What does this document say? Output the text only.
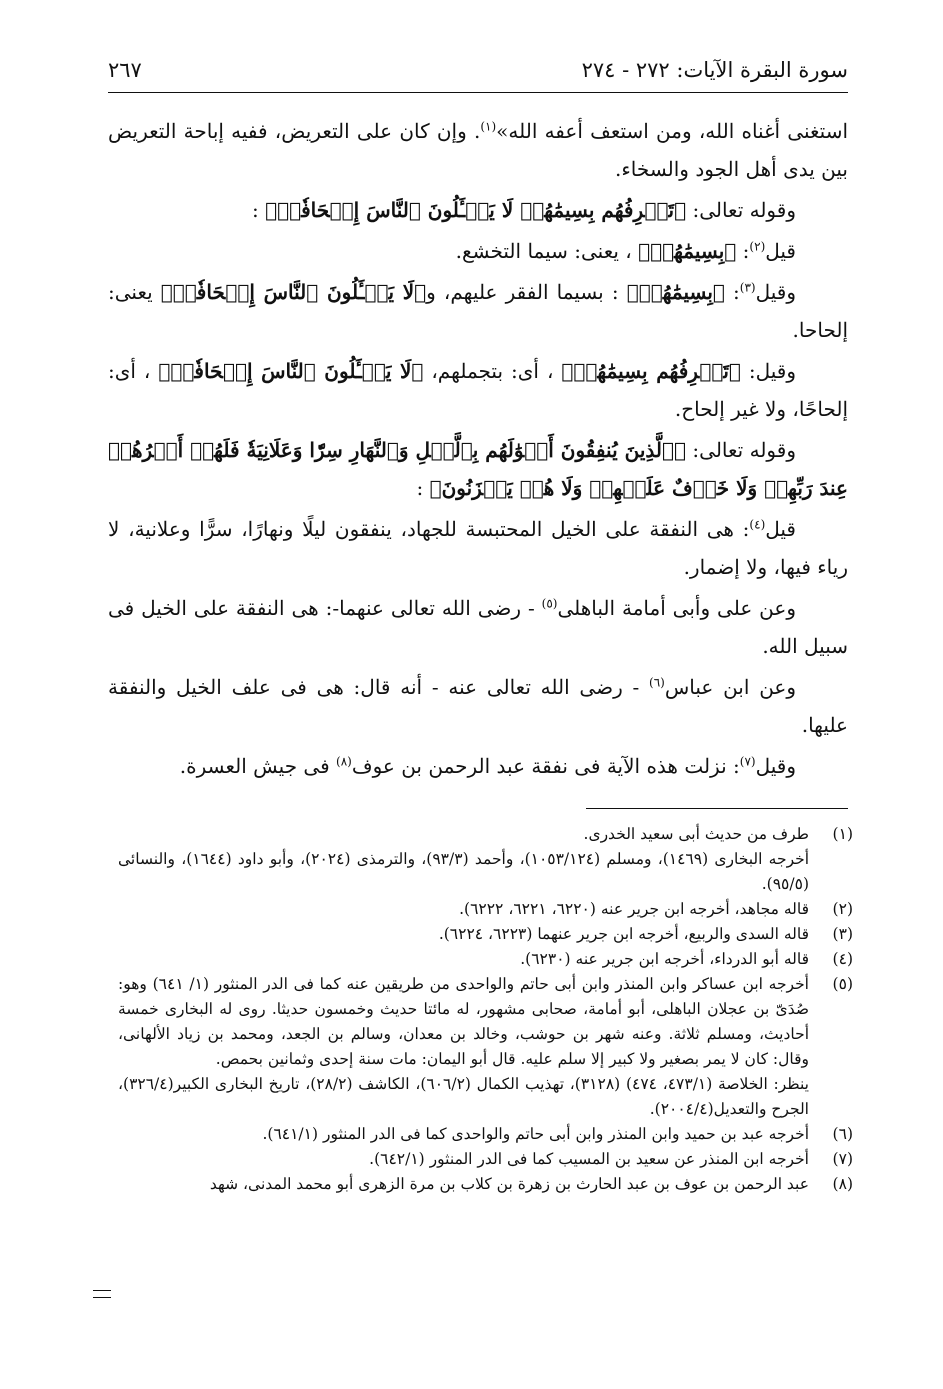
سورة البقرة الآيات: ٢٧٢ - ٢٧٤
٢٦٧

استغنى أغناه الله، ومن استعف أعفه الله»$^{(١)}$. وإن كان على التعريض، ففيه إباحة التعريض بين يدى أهل الجود والسخاء.

وقوله تعالى: ﴿تَعۡرِفُهُم بِسِيمَٰهُمۡ لَا يَسۡـَٔلُونَ ٱلنَّاسَ إِلۡحَافٗاۗ﴾ :

قيل$^{(٢)}$: ﴿بِسِيمَٰهُمۡ﴾ ، يعنى: سيما التخشع.

وقيل$^{(٣)}$: ﴿بِسِيمَٰهُمۡ﴾ : بسيما الفقر عليهم، و﴿لَا يَسۡـَٔلُونَ ٱلنَّاسَ إِلۡحَافٗاۗ﴾ يعنى: إلحاحا.

وقيل: ﴿تَعۡرِفُهُم بِسِيمَٰهُمۡ﴾ ، أى: بتجملهم، ﴿لَا يَسۡـَٔلُونَ ٱلنَّاسَ إِلۡحَافٗاۗ﴾ ، أى: إلحاحًا، ولا غير إلحاح.

وقوله تعالى: ﴿ٱلَّذِينَ يُنفِقُونَ أَمۡوَٰلَهُم بِٱلَّيۡلِ وَٱلنَّهَارِ سِرّٗا وَعَلَانِيَةٗ فَلَهُمۡ أَجۡرُهُمۡ عِندَ رَبِّهِمۡ وَلَا خَوۡفٌ عَلَيۡهِمۡ وَلَا هُمۡ يَحۡزَنُونَ﴾ :

قيل$^{(٤)}$: هى النفقة على الخيل المحتبسة للجهاد، ينفقون ليلًا ونهارًا، سرًّا وعلانية، لا رياء فيها، ولا إضمار.

وعن على وأبى أمامة الباهلى$^{(٥)}$ - رضى الله تعالى عنهما-: هى النفقة على الخيل فى سبيل الله.

وعن ابن عباس$^{(٦)}$ - رضى الله تعالى عنه - أنه قال: هى فى علف الخيل والنفقة عليها.

وقيل$^{(٧)}$: نزلت هذه الآية فى نفقة عبد الرحمن بن عوف$^{(٨)}$ فى جيش العسرة.

(١)
طرف من حديث أبى سعيد الخدرى.
أخرجه البخارى (١٤٦٩)، ومسلم (١٠٥٣/١٢٤)، وأحمد (٩٣/٣)، والترمذى (٢٠٢٤)، وأبو داود (١٦٤٤)، والنسائى (٩٥/٥).
(٢)
قاله مجاهد، أخرجه ابن جرير عنه (٦٢٢٠، ٦٢٢١، ٦٢٢٢).
(٣)
قاله السدى والربيع، أخرجه ابن جرير عنهما (٦٢٢٣، ٦٢٢٤).
(٤)
قاله أبو الدرداء، أخرجه ابن جرير عنه (٦٢٣٠).
(٥)
أخرجه ابن عساكر وابن المنذر وابن أبى حاتم والواحدى من طريقين عنه كما فى الدر المنثور (١/ ٦٤١) وهو: صُدَىّ بن عجلان الباهلى، أبو أمامة، صحابى مشهور، له مائتا حديث وخمسون حديثا. روى له البخارى خمسة أحاديث، ومسلم ثلاثة. وعنه شهر بن حوشب، وخالد بن معدان، وسالم بن الجعد، ومحمد بن زياد الألهانى، وقال: كان لا يمر بصغير ولا كبير إلا سلم عليه. قال أبو اليمان: مات سنة إحدى وثمانين بحمص.
ينظر: الخلاصة (٤٧٣/١، ٤٧٤) (٣١٢٨)، تهذيب الكمال (٦٠٦/٢)، الكاشف (٢٨/٢)، تاريخ البخارى الكبير(٣٢٦/٤)، الجرح والتعديل(٢٠٠٤/٤).
(٦)
أخرجه عبد بن حميد وابن المنذر وابن أبى حاتم والواحدى كما فى الدر المنثور (٦٤١/١).
(٧)
أخرجه ابن المنذر عن سعيد بن المسيب كما فى الدر المنثور (٦٤٢/١).
(٨)
عبد الرحمن بن عوف بن عبد الحارث بن زهرة بن كلاب بن مرة الزهرى أبو محمد المدنى، شهد
